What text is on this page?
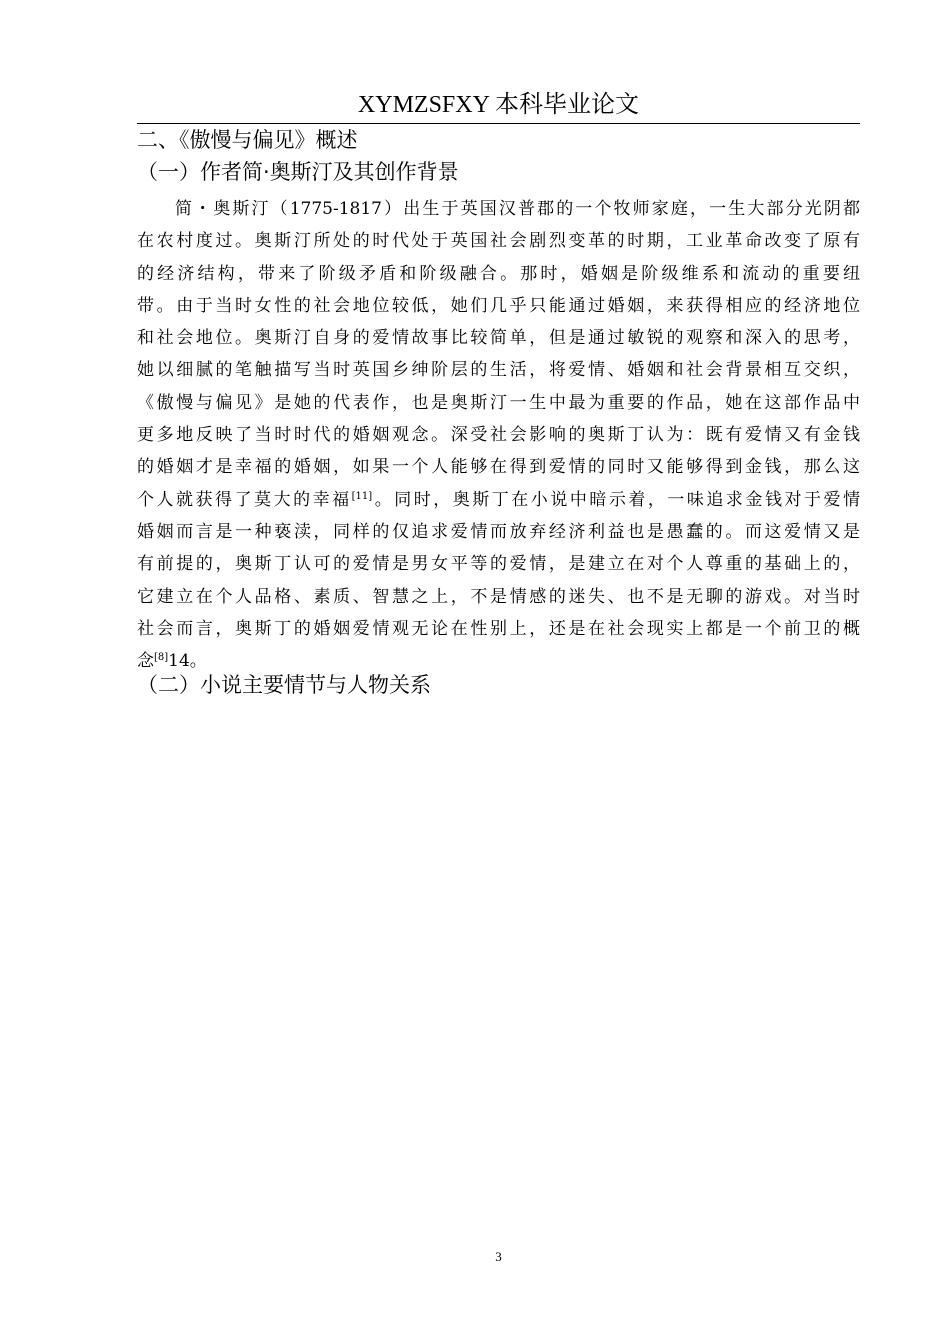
XYMZSFXY 本科毕业论文
二、《傲慢与偏见》概述
（一）作者简·奥斯汀及其创作背景
简・奥斯汀（1775-1817）出生于英国汉普郡的一个牧师家庭，一生大部分光阴都
在农村度过。奥斯汀所处的时代处于英国社会剧烈变革的时期，工业革命改变了原有
的经济结构，带来了阶级矛盾和阶级融合。那时，婚姻是阶级维系和流动的重要纽
带。由于当时女性的社会地位较低，她们几乎只能通过婚姻，来获得相应的经济地位
和社会地位。奥斯汀自身的爱情故事比较简单，但是通过敏锐的观察和深入的思考，
她以细腻的笔触描写当时英国乡绅阶层的生活，将爱情、婚姻和社会背景相互交织，
《傲慢与偏见》是她的代表作，也是奥斯汀一生中最为重要的作品，她在这部作品中
更多地反映了当时时代的婚姻观念。深受社会影响的奥斯丁认为：既有爱情又有金钱
的婚姻才是幸福的婚姻，如果一个人能够在得到爱情的同时又能够得到金钱，那么这
个人就获得了莫大的幸福[11]。同时，奥斯丁在小说中暗示着，一味追求金钱对于爱情
婚姻而言是一种亵渎，同样的仅追求爱情而放弃经济利益也是愚蠢的。而这爱情又是
有前提的，奥斯丁认可的爱情是男女平等的爱情，是建立在对个人尊重的基础上的，
它建立在个人品格、素质、智慧之上，不是情感的迷失、也不是无聊的游戏。对当时
社会而言，奥斯丁的婚姻爱情观无论在性别上，还是在社会现实上都是一个前卫的概
念[8]14。
（二）小说主要情节与人物关系
3
